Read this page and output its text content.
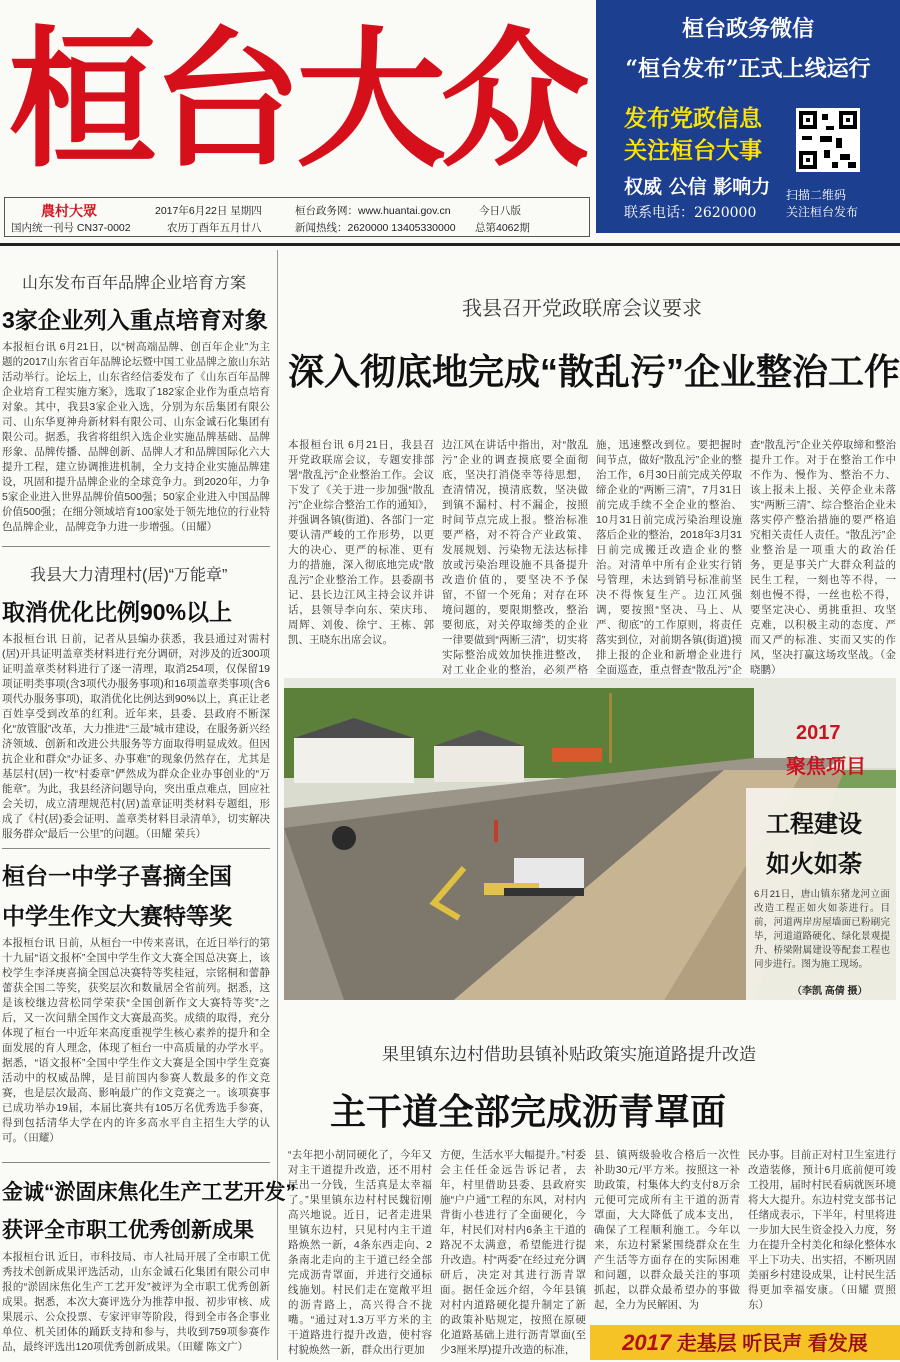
桓台大众
農村大眾
国内统一刊号 CN37-0002
2017年6月22日 星期四
农历丁酉年五月廿八
桓台政务网：www.huantai.gov.cn
新闻热线：2620000 13405330000
今日八版
总第4062期
桓台政务微信
“桓台发布”正式上线运行
发布党政信息
关注桓台大事
权威 公信 影响力
联系电话：2620000
扫描二维码
关注桓台发布
山东发布百年品牌企业培育方案
3家企业列入重点培育对象
本报桓台讯 6月21日，以“树高端品牌、创百年企业”为主题的2017山东省百年品牌论坛暨中国工业品牌之旅山东站活动举行。论坛上，山东省经信委发布了《山东百年品牌企业培育工程实施方案》，选取了182家企业作为重点培育对象。其中，我县3家企业入选，分别为东岳集团有限公司、山东华夏神舟新材料有限公司、山东金诚石化集团有限公司。据悉，我省将组织入选企业实施品牌基础、品牌形象、品牌传播、品牌创新、品牌人才和品牌国际化六大提升工程，建立协调推进机制，全力支持企业实施品牌建设，巩固和提升品牌企业的全球竞争力。到2020年，力争5家企业进入世界品牌价值500强；50家企业进入中国品牌价值500强；在细分领域培育100家处于领先地位的行业特色品牌企业，品牌竞争力进一步增强。（田耀）
我县大力清理村(居)“万能章”
取消优化比例90%以上
本报桓台讯 日前，记者从县编办获悉，我县通过对需村(居)开具证明盖章类材料进行充分调研，对涉及的近300项证明盖章类材料进行了逐一清理，取消254项，仅保留19项证明类事项(含3项代办服务事项)和16项盖章类事项(含6项代办服务事项)，取消优化比例达到90%以上，真正让老百姓享受到改革的红利。近年来，县委、县政府不断深化“放管服”改革，大力推进“三最”城市建设，在服务新兴经济领域、创新和改进公共服务等方面取得明显成效。但因抗企业和群众“办证多、办事难”的现象仍然存在，尤其是基层村(居)一枚“村委章”俨然成为群众企业办事创业的“万能章”。为此，我县经济问题导向，突出重点难点，回应社会关切，成立清理规范村(居)盖章证明类材料专题组，形成了《村(居)委会证明、盖章类材料目录清单》，切实解决服务群众“最后一公里”的问题。（田耀 荣兵）
桓台一中学子喜摘全国
中学生作文大赛特等奖
本报桓台讯 日前，从桓台一中传来喜讯，在近日举行的第十九届“语文报杯”全国中学生作文大赛全国总决赛上，该校学生李泽庚喜摘全国总决赛特等奖桂冠，宗铭桐和蕾静蕾获全国二等奖，获奖层次和数量居全省前列。据悉，这是该校继边营松同学荣获“全国创新作文大赛特等奖”之后，又一次问鼎全国作文大赛最高奖。成绩的取得，充分体现了桓台一中近年来高度重视学生核心素养的提升和全面发展的育人理念，体现了桓台一中高质量的办学水平。据悉，“语文报杯”全国中学生作文大赛是全国中学生竞赛活动中的权威品牌，是目前国内参赛人数最多的作文竞赛，也是层次最高、影响最广的作文竞赛之一。该项赛事已成功举办19届，本届比赛共有105万名优秀选手参赛，得到包括清华大学在内的许多高水平自主招生大学的认可。（田耀）
金诚“淤固床焦化生产工艺开发”
获评全市职工优秀创新成果
本报桓台讯 近日，市科技局、市人社局开展了全市职工优秀技术创新成果评选活动，山东金诚石化集团有限公司申报的“淤固床焦化生产工艺开发”被评为全市职工优秀创新成果。据悉，本次大赛评选分为推荐申报、初步审核、成果展示、公众投票、专家评审等阶段，得到全市各企事业单位、机关团体的踊跃支持和参与，共收到759项参赛作品，最终评选出120项优秀创新成果。（田耀 陈文广）
我县召开党政联席会议要求
深入彻底地完成“散乱污”企业整治工作
本报桓台讯 6月21日，我县召开党政联席会议，专题安排部署“散乱污”企业整治工作。会议下发了《关于进一步加强“散乱污”企业综合整治工作的通知》，并强调各镇(街道)、各部门一定要认清严峻的工作形势，以更大的决心、更严的标准、更有力的措施，深入彻底地完成“散乱污”企业整治工作。县委副书记、县长边江风主持会议并讲话，县领导李向东、荣庆玮、周辉、刘俊、徐宁、王栋、郭凯、王晓东出席会议。
边江风在讲话中指出，对“散乱污”企业的调查摸底要全面彻底，坚决打消侥幸等待思想，查清情况，摸清底数，坚决做到镇不漏村、村不漏企，按照时间节点完成上报。整治标准要严格，对不符合产业政策、发展规划、污染物无法达标排放或污染治理设施不具备提升改造价值的，要坚决不予保留，不留一个死角；对存在环境问题的，要限期整改，整治要彻底，对关停取缔类的企业一律要做到“两断三清”，切实将实际整治成效加快推进整改，对工业企业的整治，必须严格
施，迅速整改到位。要把握时间节点，做好“散乱污”企业的整治工作，6月30日前完成关停取缔企业的“两断三清”，7月31日前完成手续不全企业的整治、10月31日前完成污染治理设施落后企业的整治，2018年3月31日前完成搬迁改造企业的整治。对清单中所有企业实行销号管理，未达到销号标准前坚决不得恢复生产。边江风强调，要按照“坚决、马上、从严、彻底”的工作原则，将责任落实到位，对前期各镇(街道)摸排上报的企业和新增企业进行全面巡查，重点督查“散乱污”企
查“散乱污”企业关停取缔和整治提升工作。对于在整治工作中不作为、慢作为、整治不力、该上报未上报、关停企业未落实“两断三清”、综合整治企业未落实停产整治措施的要严格追究相关责任人责任。“散乱污”企业整治是一项重大的政治任务，更是事关广大群众利益的民生工程，一刻也等不得，一刻也慢不得，一丝也松不得，要坚定决心、勇挑重担、攻坚克难，以积极主动的态度、严而又严的标准、实而又实的作风，坚决打赢这场攻坚战。（金晓鹏）
2017
聚焦项目
工程建设
如火如荼
6月21日，唐山镇东猪龙河立面改造工程正如火如荼进行。目前，河道两岸房屋墙面已粉刷完毕，河道道路硬化、绿化景观提升、桥梁附属建设等配套工程也同步进行。图为施工现场。
（李凯 高倩 摄）
果里镇东边村借助县镇补贴政策实施道路提升改造
主干道全部完成沥青罩面
“去年把小胡同硬化了，今年又对主干道提升改造，还不用村民出一分钱，生活真是太幸福了。”果里镇东边村村民魏衍刚高兴地说。近日，记者走进果里镇东边村，只见村内主干道路焕然一新，4条东西走向、2条南北走向的主干道已经全部完成沥青罩面，并进行交通标线施划。村民们走在宽敞平坦的沥青路上，高兴得合不拢嘴。“通过对1.3万平方米的主干道路进行提升改造，使村容村貌焕然一新，群众出行更加
方便，生活水平大幅提升。”村委会主任任金远告诉记者，去年，村里借助县委、县政府实施“户户通”工程的东风，对村内背街小巷进行了全面硬化，今年，村民们对村内6条主干道的路况不太满意，希望能进行提升改造。村“两委”在经过充分调研后，决定对其进行沥青罩面。据任金远介绍，今年县镇对村内道路硬化提升制定了新的政策补贴规定，按照在原硬化道路基础上进行沥青罩面(至少3厘米厚)提升改造的标准，
县、镇两级验收合格后一次性补助30元/平方米。按照这一补助政策，村集体大约支付8万余元便可完成所有主干道的沥青罩面，大大降低了成本支出，确保了工程顺利施工。今年以来，东边村紧紧围绕群众在生产生活等方面存在的实际困难和问题，以群众最关注的事项抓起，以群众最希望办的事做起，全力为民解困、为
民办事。目前正对村卫生室进行改造装修，预计6月底前便可竣工投用，届时村民看病就医环境将大大提升。东边村党支部书记任绪成表示，下半年，村里将进一步加大民生资金投入力度，努力在提升全村美化和绿化整体水平上下功夫、出实招，不断巩固美丽乡村建设成果，让村民生活得更加幸福安康。（田耀 贾照东）
2017 走基层 听民声 看发展
